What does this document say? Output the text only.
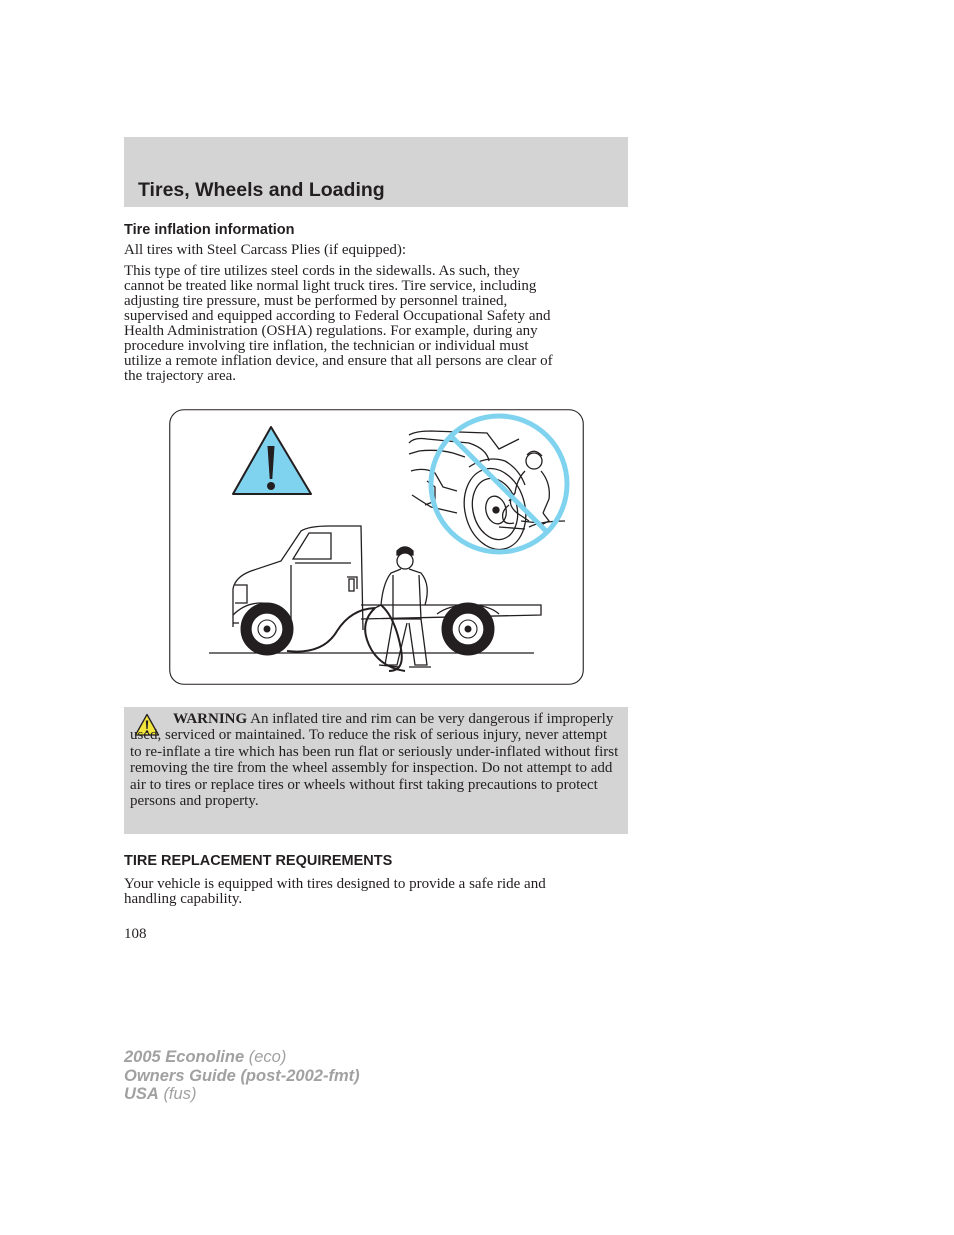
Tires, Wheels and Loading
Tire inflation information

All tires with Steel Carcass Plies (if equipped):

This type of tire utilizes steel cords in the sidewalls. As such, they
cannot be treated like normal light truck tires. Tire service, including
adjusting tire pressure, must be performed by personnel trained,
supervised and equipped according to Federal Occupational Safety and
Health Administration (OSHA) regulations. For example, during any
procedure involving tire inflation, the technician or individual must
utilize a remote inflation device, and ensure that all persons are clear of
the trajectory area.

WARNING An inflated tire and rim can be very dangerous if improperly used, serviced or maintained. To reduce the risk of serious injury, never attempt to re-inflate a tire which has been run flat or seriously under-inflated without first removing the tire from the wheel assembly for inspection. Do not attempt to add air to tires or replace tires or wheels without first taking precautions to protect persons and property.

TIRE REPLACEMENT REQUIREMENTS
Your vehicle is equipped with tires designed to provide a safe ride and
handling capability.

108

2005 Econoline (eco)
Owners Guide (post-2002-fmt)
USA (fus)
